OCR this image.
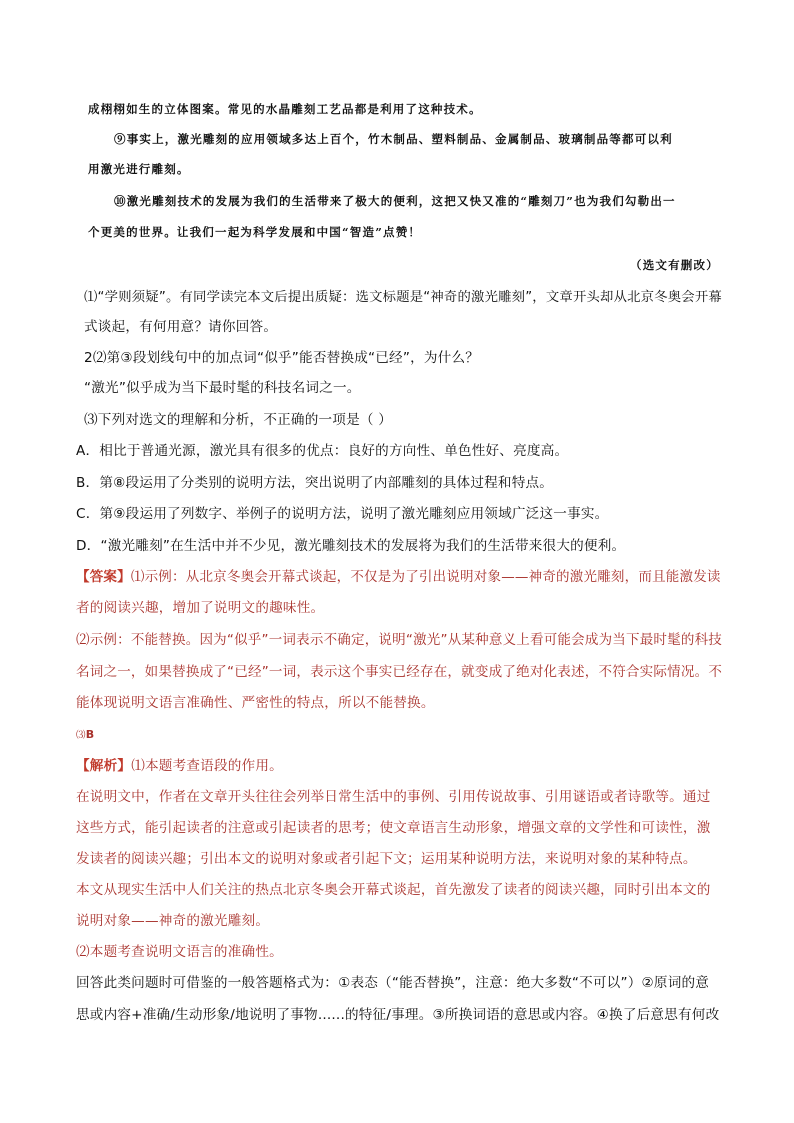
成栩栩如生的立体图案。常见的水晶雕刻工艺品都是利用了这种技术。
⑨事实上，激光雕刻的应用领域多达上百个，竹木制品、塑料制品、金属制品、玻璃制品等都可以利
用激光进行雕刻。
⑩激光雕刻技术的发展为我们的生活带来了极大的便利，这把又快又准的“雕刻刀”也为我们勾勒出一
个更美的世界。让我们一起为科学发展和中国“智造”点赞！
（选文有删改）
⑴“学则须疑”。有同学读完本文后提出质疑：选文标题是“神奇的激光雕刻”，文章开头却从北京冬奥会开幕
式谈起，有何用意？请你回答。
2⑵第③段划线句中的加点词“似乎”能否替换成“已经”，为什么？
“激光”似乎成为当下最时髦的科技名词之一。
⑶下列对选文的理解和分析，不正确的一项是（ ）
A．相比于普通光源，激光具有很多的优点：良好的方向性、单色性好、亮度高。
B．第⑧段运用了分类别的说明方法，突出说明了内部雕刻的具体过程和特点。
C．第⑨段运用了列数字、举例子的说明方法，说明了激光雕刻应用领域广泛这一事实。
D．“激光雕刻”在生活中并不少见，激光雕刻技术的发展将为我们的生活带来很大的便利。
【答案】⑴示例：从北京冬奥会开幕式谈起，不仅是为了引出说明对象——神奇的激光雕刻，而且能激发读
者的阅读兴趣，增加了说明文的趣味性。
⑵示例：不能替换。因为“似乎”一词表示不确定，说明“激光”从某种意义上看可能会成为当下最时髦的科技
名词之一，如果替换成了“已经”一词，表示这个事实已经存在，就变成了绝对化表述，不符合实际情况。不
能体现说明文语言准确性、严密性的特点，所以不能替换。
⑶B
【解析】⑴本题考查语段的作用。
在说明文中，作者在文章开头往往会列举日常生活中的事例、引用传说故事、引用谜语或者诗歌等。通过
这些方式，能引起读者的注意或引起读者的思考；使文章语言生动形象，增强文章的文学性和可读性，激
发读者的阅读兴趣；引出本文的说明对象或者引起下文；运用某种说明方法，来说明对象的某种特点。
本文从现实生活中人们关注的热点北京冬奥会开幕式谈起，首先激发了读者的阅读兴趣，同时引出本文的
说明对象——神奇的激光雕刻。
⑵本题考查说明文语言的准确性。
回答此类问题时可借鉴的一般答题格式为：①表态（“能否替换”，注意：绝大多数“不可以”）②原词的意
思或内容+准确/生动形象/地说明了事物......的特征/事理。③所换词语的意思或内容。④换了后意思有何改
